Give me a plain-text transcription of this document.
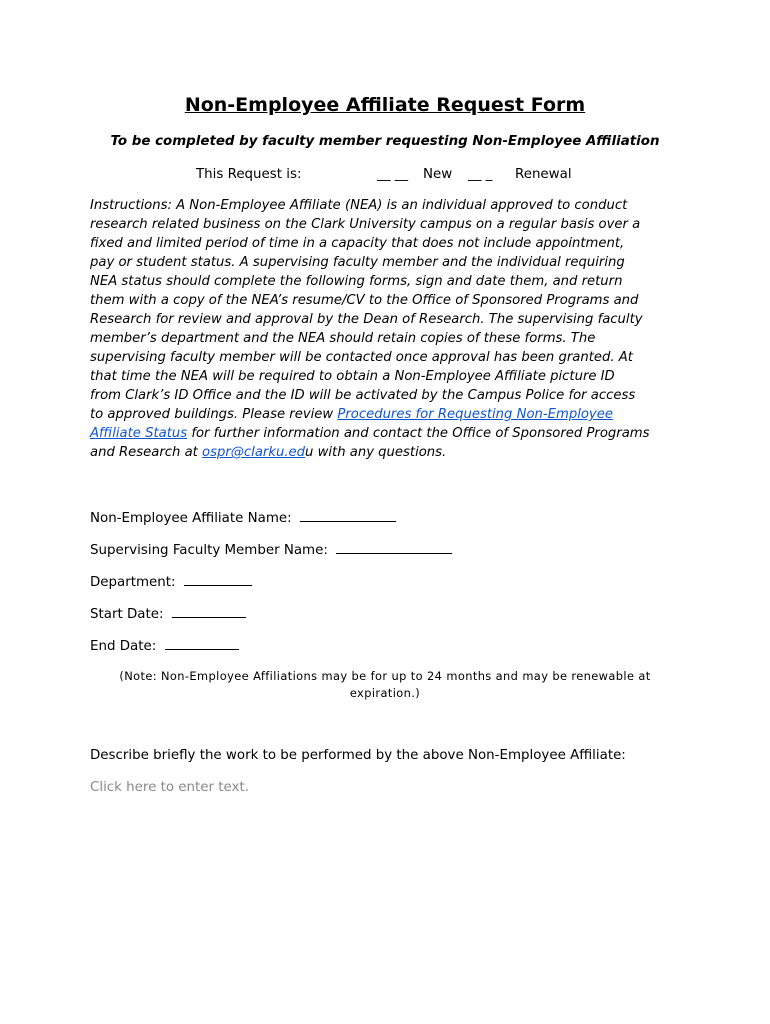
Non-Employee Affiliate Request Form
To be completed by faculty member requesting Non-Employee Affiliation
This Request is:	__ __ New __ _ Renewal
Instructions: A Non-Employee Affiliate (NEA) is an individual approved to conduct
research related business on the Clark University campus on a regular basis over a
fixed and limited period of time in a capacity that does not include appointment,
pay or student status. A supervising faculty member and the individual requiring
NEA status should complete the following forms, sign and date them, and return
them with a copy of the NEA’s resume/CV to the Office of Sponsored Programs and
Research for review and approval by the Dean of Research. The supervising faculty
member’s department and the NEA should retain copies of these forms. The
supervising faculty member will be contacted once approval has been granted. At
that time the NEA will be required to obtain a Non-Employee Affiliate picture ID
from Clark’s ID Office and the ID will be activated by the Campus Police for access
to approved buildings. Please review Procedures for Requesting Non-Employee
Affiliate Status for further information and contact the Office of Sponsored Programs
and Research at ospr@clarku.edu with any questions.
Non-Employee Affiliate Name:
Supervising Faculty Member Name:
Department:
Start Date:
End Date:
(Note: Non-Employee Affiliations may be for up to 24 months and may be renewable at
expiration.)
Describe briefly the work to be performed by the above Non-Employee Affiliate:
Click here to enter text.
